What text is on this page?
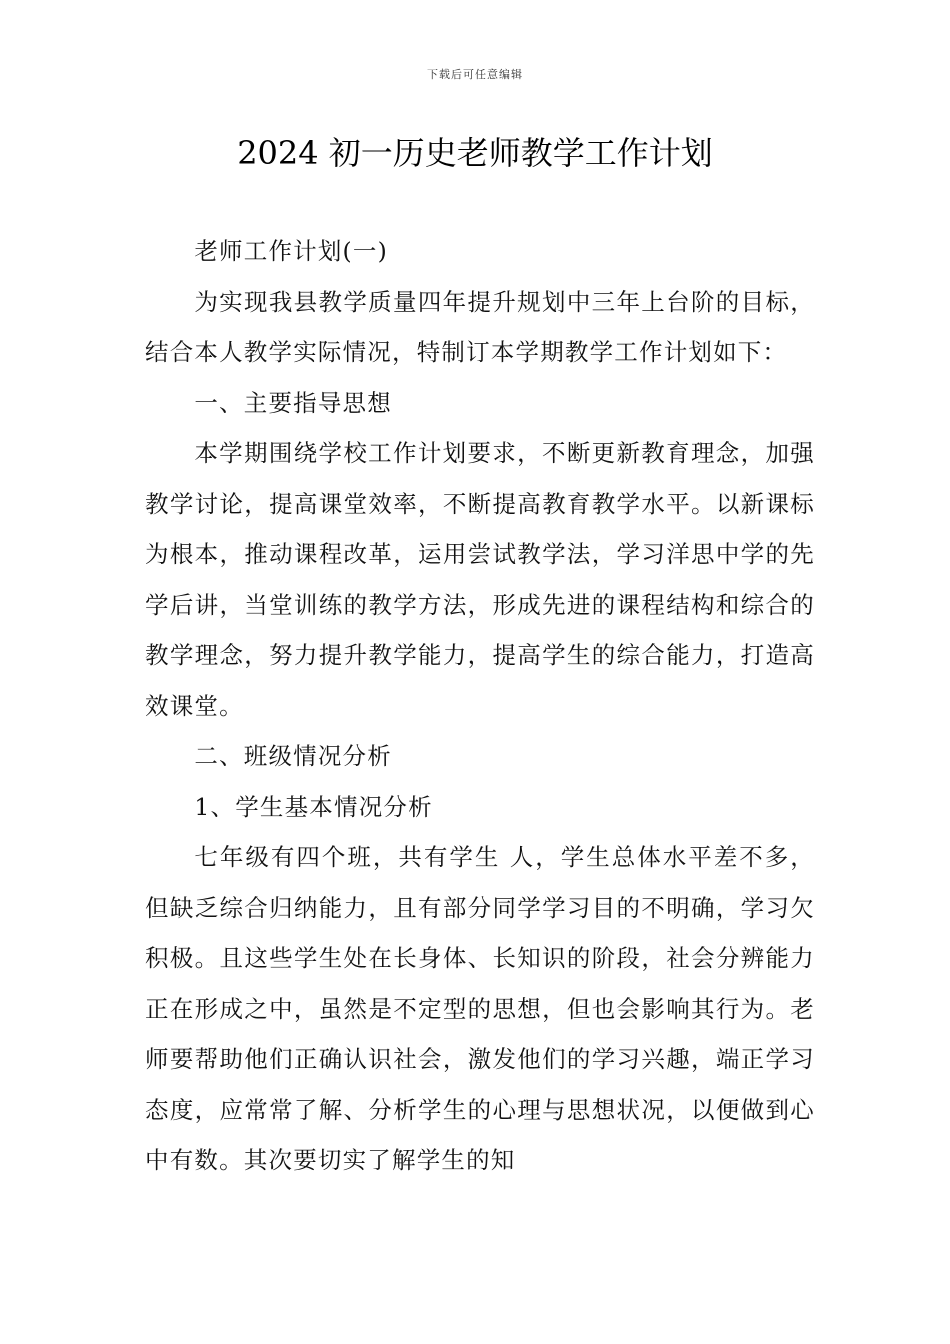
下载后可任意编辑
2024 初一历史老师教学工作计划

老师工作计划(一)

为实现我县教学质量四年提升规划中三年上台阶的目标，结合本人教学实际情况，特制订本学期教学工作计划如下：

一、主要指导思想

本学期围绕学校工作计划要求，不断更新教育理念，加强教学讨论，提高课堂效率，不断提高教育教学水平。以新课标为根本，推动课程改革，运用尝试教学法，学习洋思中学的先学后讲，当堂训练的教学方法，形成先进的课程结构和综合的教学理念，努力提升教学能力，提高学生的综合能力，打造高效课堂。

二、班级情况分析

1、学生基本情况分析

七年级有四个班，共有学生 人，学生总体水平差不多，但缺乏综合归纳能力，且有部分同学学习目的不明确，学习欠积极。且这些学生处在长身体、长知识的阶段，社会分辨能力正在形成之中，虽然是不定型的思想，但也会影响其行为。老师要帮助他们正确认识社会，激发他们的学习兴趣，端正学习态度，应常常了解、分析学生的心理与思想状况，以便做到心中有数。其次要切实了解学生的知
